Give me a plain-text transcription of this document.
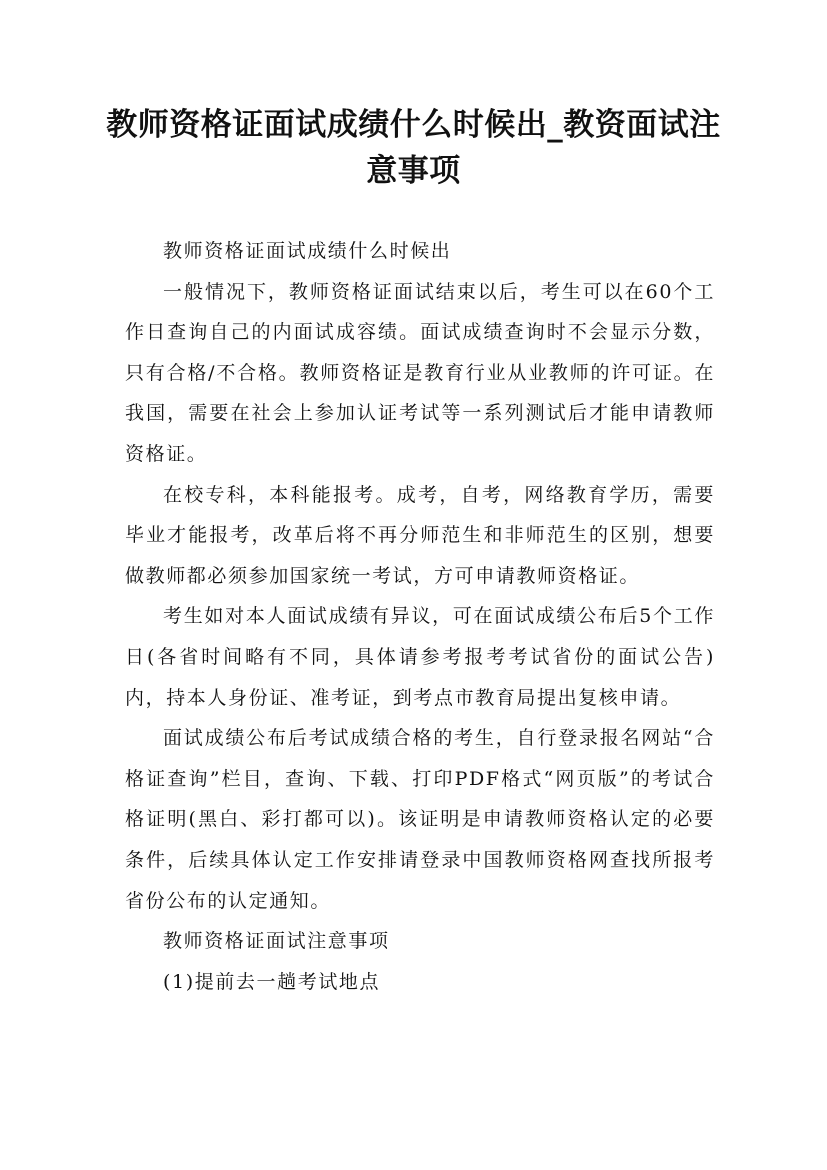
教师资格证面试成绩什么时候出_教资面试注意事项

教师资格证面试成绩什么时候出

一般情况下，教师资格证面试结束以后，考生可以在60个工作日查询自己的内面试成容绩。面试成绩查询时不会显示分数，只有合格/不合格。教师资格证是教育行业从业教师的许可证。在我国，需要在社会上参加认证考试等一系列测试后才能申请教师资格证。

在校专科，本科能报考。成考，自考，网络教育学历，需要毕业才能报考，改革后将不再分师范生和非师范生的区别，想要做教师都必须参加国家统一考试，方可申请教师资格证。

考生如对本人面试成绩有异议，可在面试成绩公布后5个工作日(各省时间略有不同，具体请参考报考考试省份的面试公告)内，持本人身份证、准考证，到考点市教育局提出复核申请。

面试成绩公布后考试成绩合格的考生，自行登录报名网站“合格证查询”栏目，查询、下载、打印PDF格式“网页版”的考试合格证明(黑白、彩打都可以)。该证明是申请教师资格认定的必要条件，后续具体认定工作安排请登录中国教师资格网查找所报考省份公布的认定通知。

教师资格证面试注意事项

(1)提前去一趟考试地点
